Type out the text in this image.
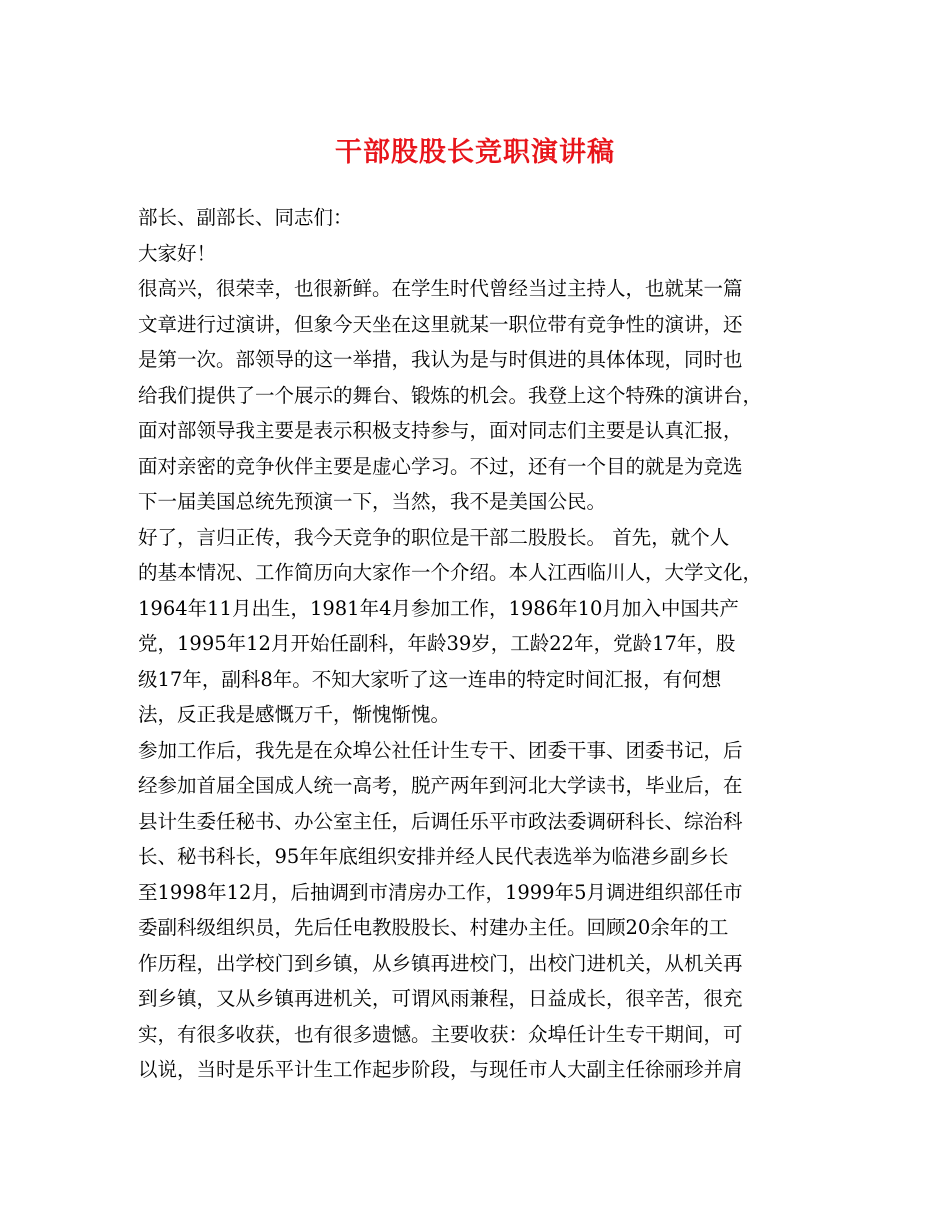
干部股股长竞职演讲稿
部长、副部长、同志们：
大家好！
很高兴，很荣幸，也很新鲜。在学生时代曾经当过主持人，也就某一篇
文章进行过演讲，但象今天坐在这里就某一职位带有竞争性的演讲，还
是第一次。部领导的这一举措，我认为是与时俱进的具体体现，同时也
给我们提供了一个展示的舞台、锻炼的机会。我登上这个特殊的演讲台，
面对部领导我主要是表示积极支持参与，面对同志们主要是认真汇报，
面对亲密的竞争伙伴主要是虚心学习。不过，还有一个目的就是为竞选
下一届美国总统先预演一下，当然，我不是美国公民。
好了，言归正传，我今天竞争的职位是干部二股股长。 首先，就个人
的基本情况、工作简历向大家作一个介绍。本人江西临川人，大学文化，
1964年11月出生，1981年4月参加工作，1986年10月加入中国共产
党，1995年12月开始任副科，年龄39岁，工龄22年，党龄17年，股
级17年，副科8年。不知大家听了这一连串的特定时间汇报，有何想
法，反正我是感慨万千，惭愧惭愧。
参加工作后，我先是在众埠公社任计生专干、团委干事、团委书记，后
经参加首届全国成人统一高考，脱产两年到河北大学读书，毕业后，在
县计生委任秘书、办公室主任，后调任乐平市政法委调研科长、综治科
长、秘书科长，95年年底组织安排并经人民代表选举为临港乡副乡长
至1998年12月，后抽调到市清房办工作，1999年5月调进组织部任市
委副科级组织员，先后任电教股股长、村建办主任。回顾20余年的工
作历程，出学校门到乡镇，从乡镇再进校门，出校门进机关，从机关再
到乡镇，又从乡镇再进机关，可谓风雨兼程，日益成长，很辛苦，很充
实，有很多收获，也有很多遗憾。主要收获：众埠任计生专干期间，可
以说，当时是乐平计生工作起步阶段，与现任市人大副主任徐丽珍并肩
